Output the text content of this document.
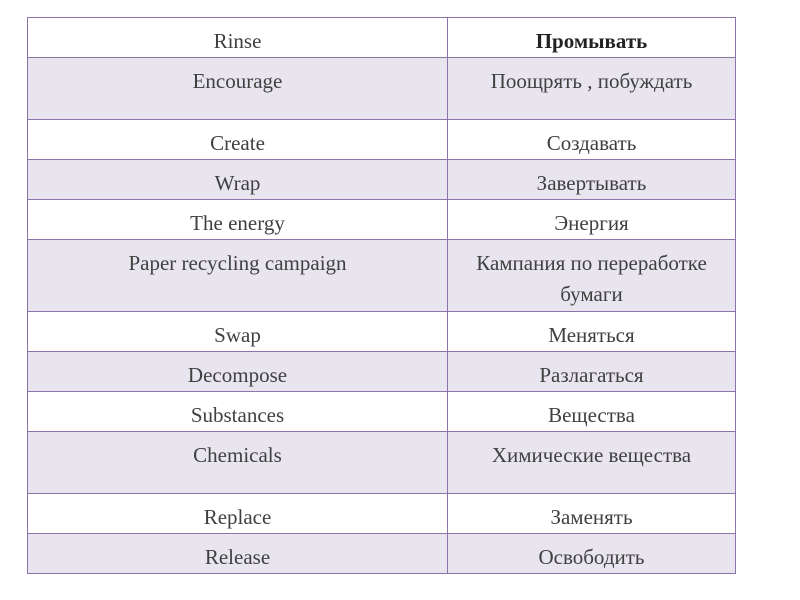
Rinse	Промывать
Encourage	Поощрять , побуждать
Create	Создавать
Wrap	Завертывать
The energy	Энергия
Paper recycling campaign	Кампания по переработке бумаги
Swap	Меняться
Decompose	Разлагаться
Substances	Вещества
Chemicals	Химические вещества
Replace	Заменять
Release	Освободить
